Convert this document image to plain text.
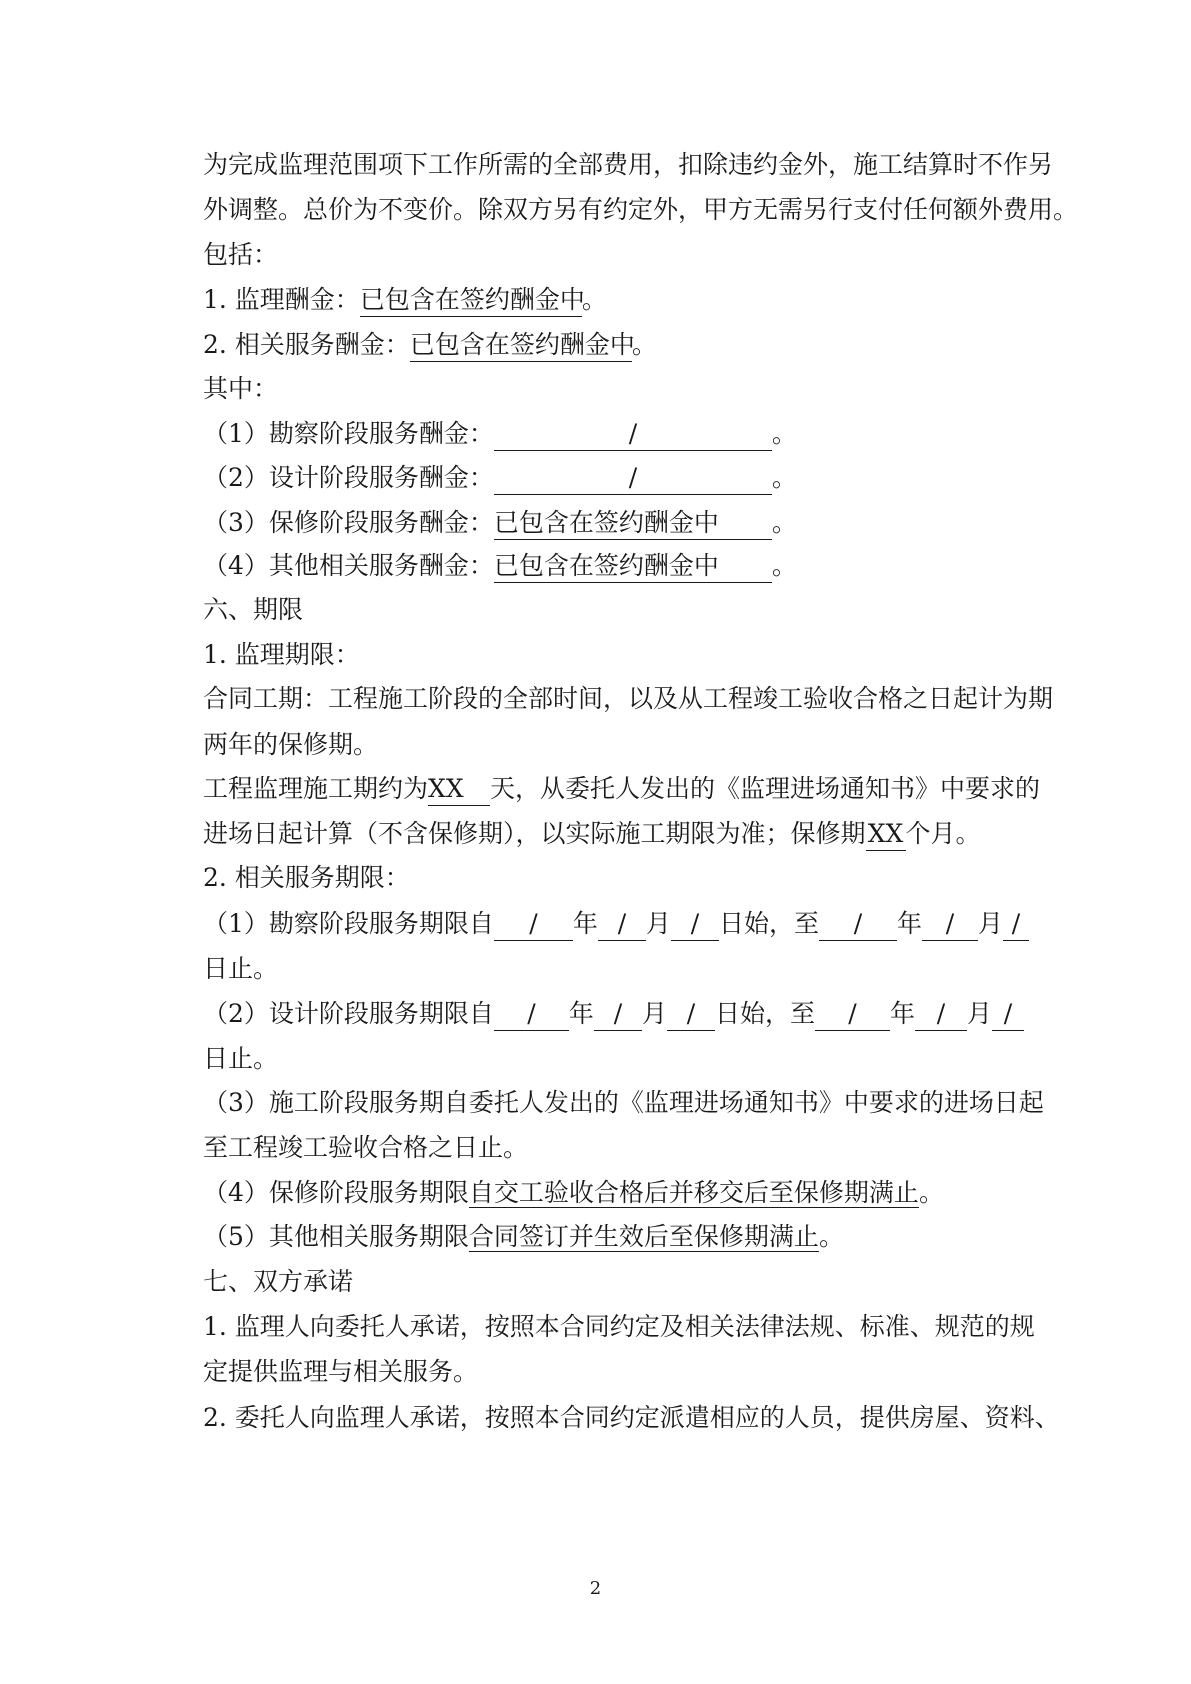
为完成监理范围项下工作所需的全部费用，扣除违约金外，施工结算时不作另
外调整。总价为不变价。除双方另有约定外，甲方无需另行支付任何额外费用。
包括：
1. 监理酬金：已包含在签约酬金中。
2. 相关服务酬金：已包含在签约酬金中。
其中：
（1）勘察阶段服务酬金：	/	。
（2）设计阶段服务酬金：	/	。
（3）保修阶段服务酬金：已包含在签约酬金中 。
（4）其他相关服务酬金：已包含在签约酬金中 。
六、期限
1. 监理期限：
合同工期：工程施工阶段的全部时间，以及从工程竣工验收合格之日起计为期
两年的保修期。
工程监理施工期约为XX 天，从委托人发出的《监理进场通知书》中要求的
进场日起计算（不含保修期），以实际施工期限为准；保修期XX个月。
2. 相关服务期限：
（1）勘察阶段服务期限自 / 年 / 月 / 日始，至 / 年 / 月 /
日止。
（2）设计阶段服务期限自 / 年 / 月 / 日始，至 / 年 / 月 /
日止。
（3）施工阶段服务期自委托人发出的《监理进场通知书》中要求的进场日起
至工程竣工验收合格之日止。
（4）保修阶段服务期限自交工验收合格后并移交后至保修期满止。
（5）其他相关服务期限合同签订并生效后至保修期满止。
七、双方承诺
1. 监理人向委托人承诺，按照本合同约定及相关法律法规、标准、规范的规
定提供监理与相关服务。
2. 委托人向监理人承诺，按照本合同约定派遣相应的人员，提供房屋、资料、
2
